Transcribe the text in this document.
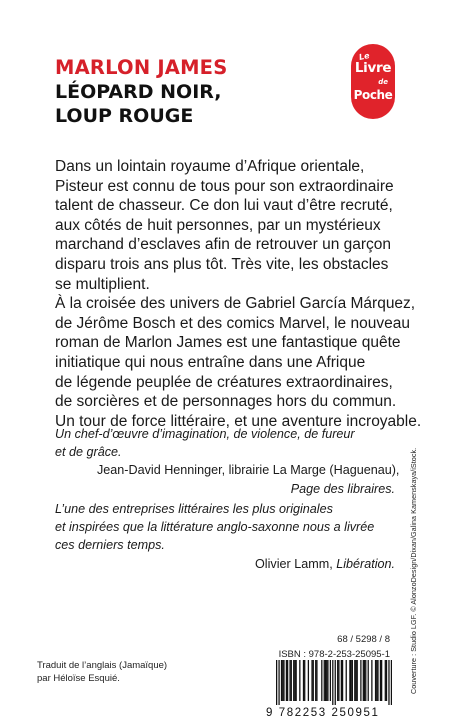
MARLON JAMES
LÉOPARD NOIR,
LOUP ROUGE
Le
Livre
de
Poche
Dans un lointain royaume d’Afrique orientale,
Pisteur est connu de tous pour son extraordinaire
talent de chasseur. Ce don lui vaut d’être recruté,
aux côtés de huit personnes, par un mystérieux
marchand d’esclaves afin de retrouver un garçon
disparu trois ans plus tôt. Très vite, les obstacles
se multiplient.
À la croisée des univers de Gabriel García Márquez,
de Jérôme Bosch et des comics Marvel, le nouveau
roman de Marlon James est une fantastique quête
initiatique qui nous entraîne dans une Afrique
de légende peuplée de créatures extraordinaires,
de sorcières et de personnages hors du commun.
Un tour de force littéraire, et une aventure incroyable.
Un chef-d’œuvre d’imagination, de violence, de fureur
et de grâce.
Jean-David Henninger, librairie La Marge (Haguenau),
Page des libraires.
L’une des entreprises littéraires les plus originales
et inspirées que la littérature anglo-saxonne nous a livrée
ces derniers temps.
Olivier Lamm, Libération. Couverture : Studio LGF. © AlonzoDesign/Dixan/Galina Kamenskaya/iStock.
68 / 5298 / 8
ISBN : 978-2-253-25095-1
Traduit de l’anglais (Jamaïque)
par Héloïse Esquié.
9 782253 250951
